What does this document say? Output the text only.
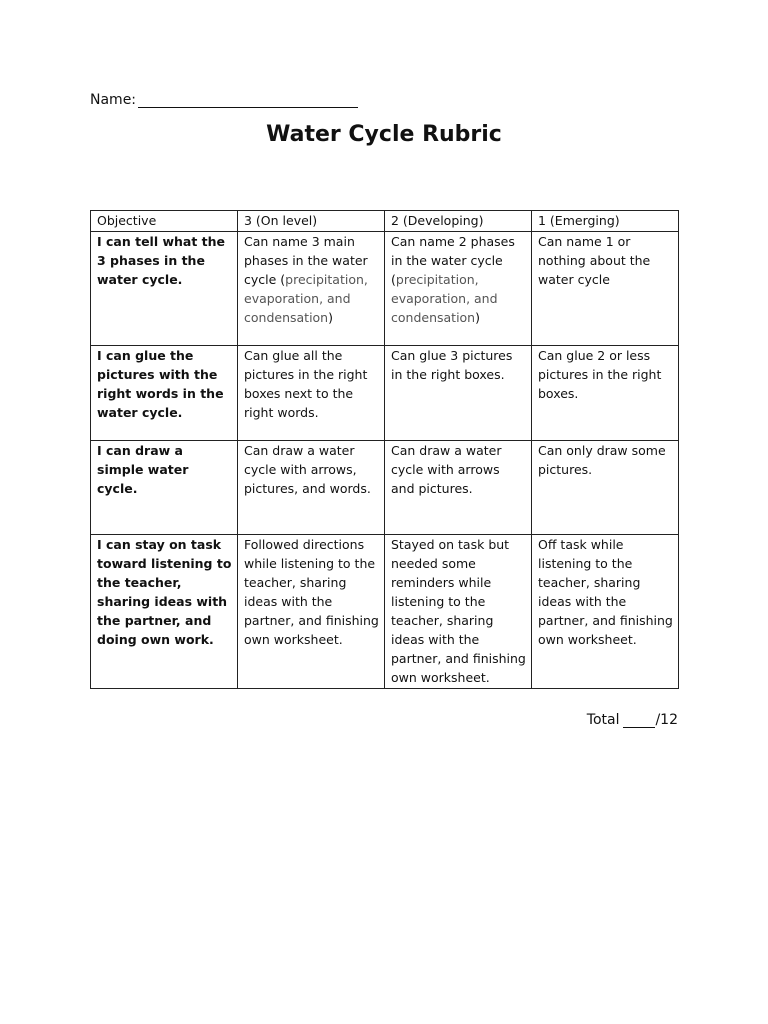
Name:
Water Cycle Rubric
Objective	3 (On level)	2 (Developing)	1 (Emerging)
I can tell what the 3 phases in the water cycle.	Can name 3 main phases in the water cycle (precipitation, evaporation, and condensation)	Can name 2 phases in the water cycle (precipitation, evaporation, and condensation)	Can name 1 or nothing about the water cycle
I can glue the pictures with the right words in the water cycle.	Can glue all the pictures in the right boxes next to the right words.	Can glue 3 pictures in the right boxes.	Can glue 2 or less pictures in the right boxes.
I can draw a simple water cycle.	Can draw a water cycle with arrows, pictures, and words.	Can draw a water cycle with arrows and pictures.	Can only draw some pictures.
I can stay on task toward listening to the teacher, sharing ideas with the partner, and doing own work.	Followed directions while listening to the teacher, sharing ideas with the partner, and finishing own worksheet.	Stayed on task but needed some reminders while listening to the teacher, sharing ideas with the partner, and finishing own worksheet.	Off task while listening to the teacher, sharing ideas with the partner, and finishing own worksheet.
Total	/12
